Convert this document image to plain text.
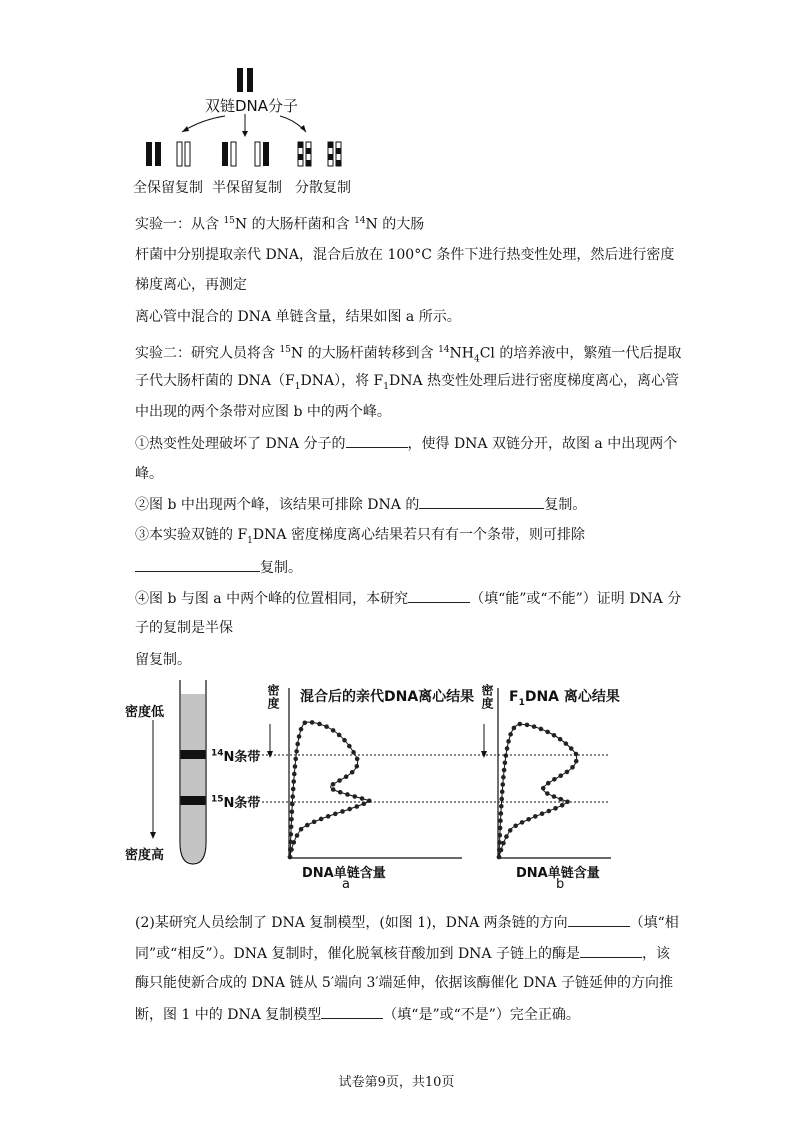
双链DNA分子
全保留复制 半保留复制 分散复制
实验一：从含 $^{15}$N 的大肠杆菌和含 $^{14}$N 的大肠
杆菌中分别提取亲代 DNA，混合后放在 100°C 条件下进行热变性处理，然后进行密度
梯度离心，再测定
离心管中混合的 DNA 单链含量，结果如图 a 所示。
实验二：研究人员将含 $^{15}$N 的大肠杆菌转移到含 $^{14}NH_4Cl$ 的培养液中，繁殖一代后提取
子代大肠杆菌的 $DNA(F_1DNA)$，将 $F_1DNA$ 热变性处理后进行密度梯度离心，离心管
中出现的两个条带对应图 b 中的两个峰。
①热变性处理破坏了 DNA 分子的	，使得 DNA 双链分开，故图 a 中出现两个
峰。
②图 b 中出现两个峰，该结果可排除 DNA 的	复制。
③本实验双链的 $F_1DNA$ 密度梯度离心结果若只有有一个条带，则可排除
复制。
④图 b 与图 a 中两个峰的位置相同，本研究	（填“能”或“不能”）证明 DNA 分
子的复制是半保
留复制。
密度低
密度高
$^{14}$N条带
$^{15}$N条带
密度 混合后的亲代DNA离心结果
DNA单链含量
a
密度 $F_1DNA$ 离心结果
DNA单链含量
b
(2)某研究人员绘制了 DNA 复制模型，(如图 1)，DNA 两条链的方向	（填“相
同”或“相反”）。DNA 复制时，催化脱氧核苷酸加到 DNA 子链上的酶是	，该
酶只能使新合成的 DNA 链从 5′端向 3′端延伸，依据该酶催化 DNA 子链延伸的方向推
断，图 1 中的 DNA 复制模型	（填“是”或“不是”）完全正确。
试卷第9页，共10页
